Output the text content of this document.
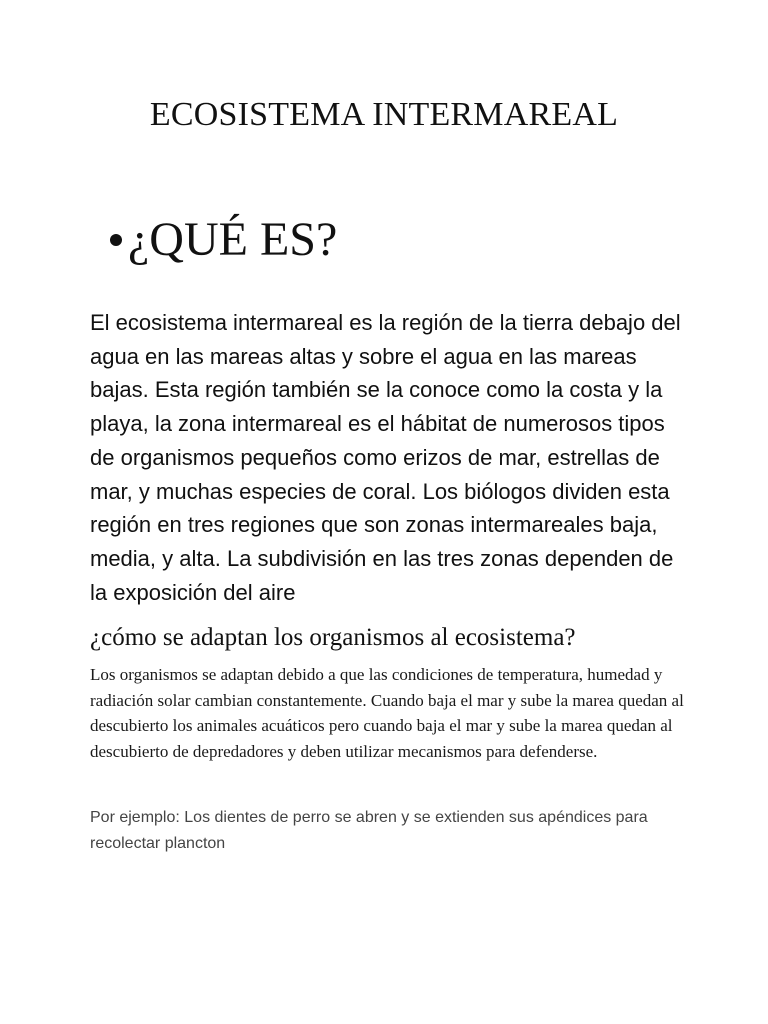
ECOSISTEMA INTERMAREAL
¿QUÉ ES?

El ecosistema intermareal es la región de la tierra debajo del agua en las mareas altas y sobre el agua en las mareas bajas. Esta región también se la conoce como la costa y la playa, la zona intermareal es el hábitat de numerosos tipos de organismos pequeños como erizos de mar, estrellas de mar, y muchas especies de coral. Los biólogos dividen esta región en tres regiones que son zonas intermareales baja, media, y alta. La subdivisión en las tres zonas dependen de la exposición del aire

¿cómo se adaptan los organismos al ecosistema?

Los organismos se adaptan debido a que las condiciones de temperatura, humedad y radiación solar cambian constantemente. Cuando baja el mar y sube la marea quedan al descubierto los animales acuáticos pero cuando baja el mar y sube la marea quedan al descubierto de depredadores y deben utilizar mecanismos para defenderse.

Por ejemplo: Los dientes de perro se abren y se extienden sus apéndices para recolectar plancton
